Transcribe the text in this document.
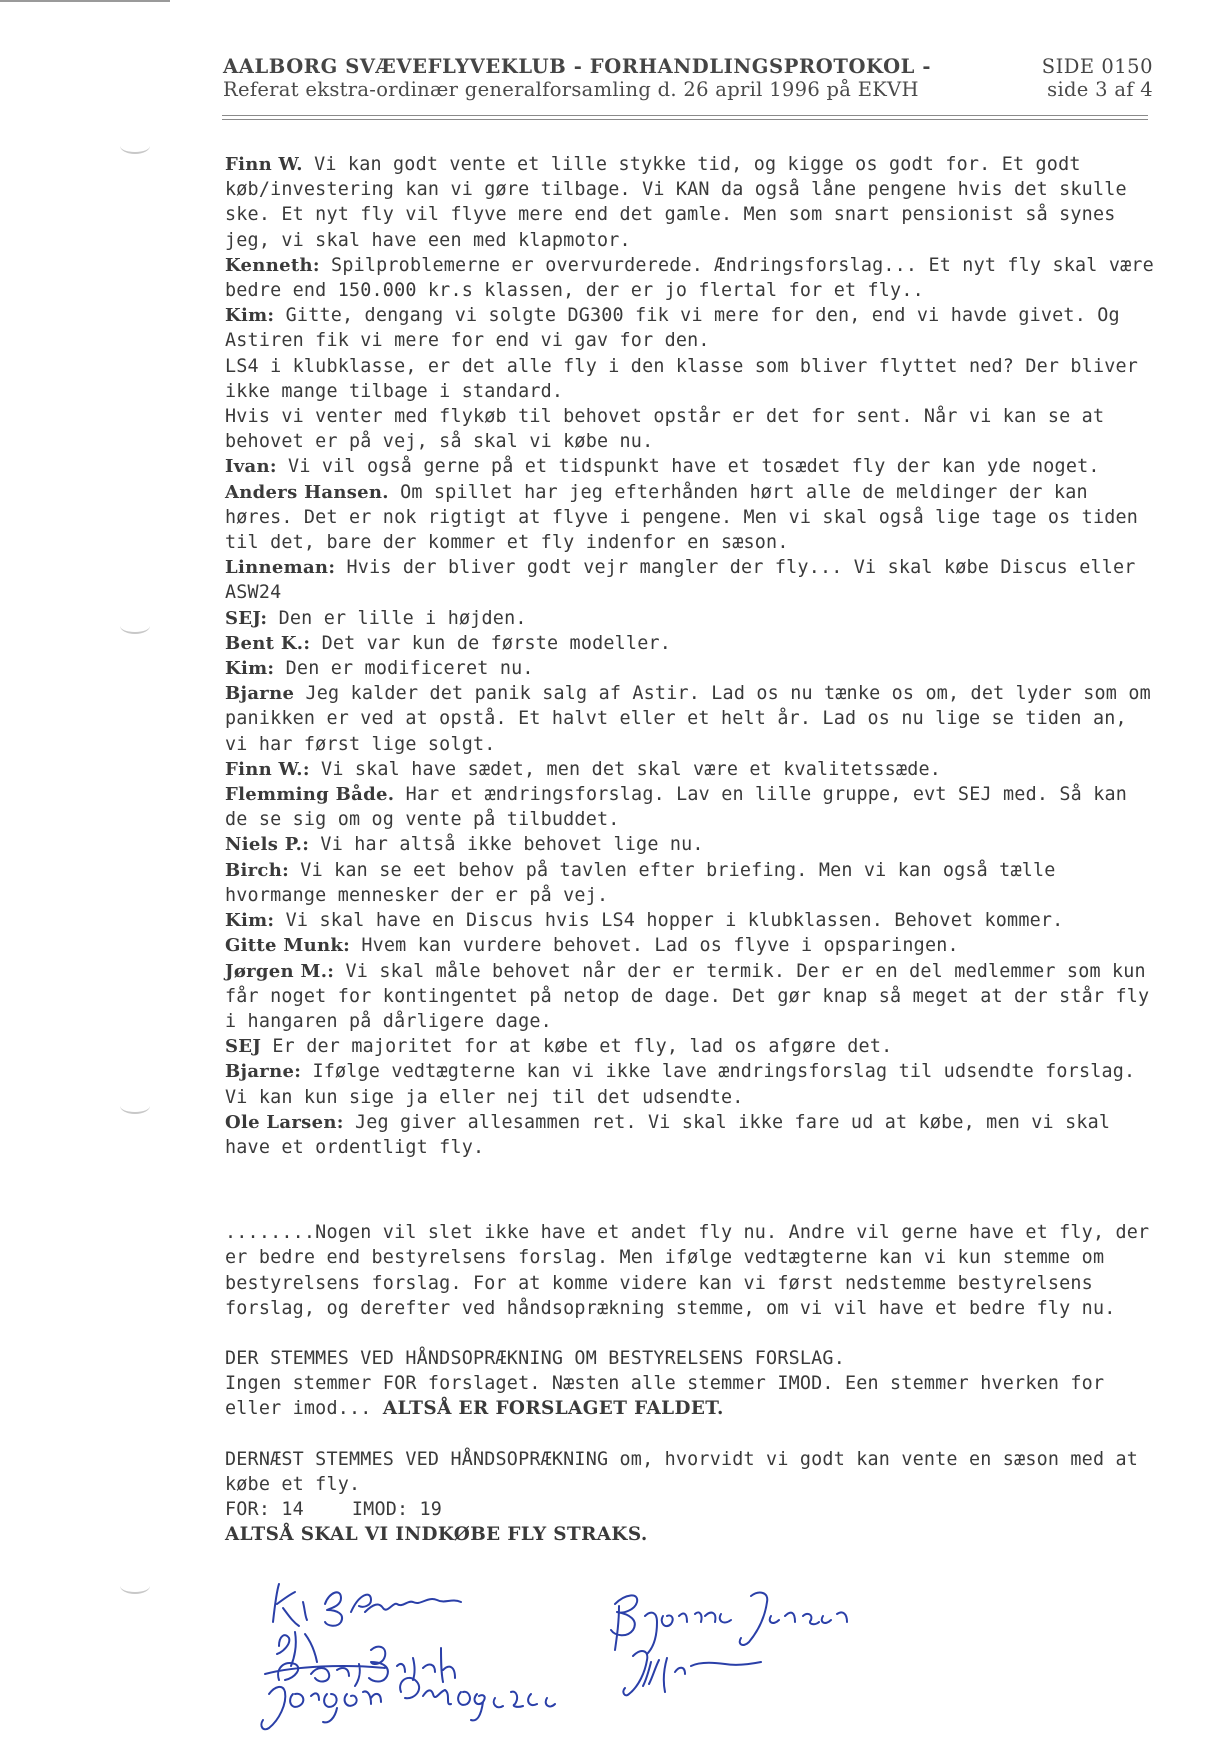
AALBORG SVÆVEFLYVEKLUB - FORHANDLINGSPROTOKOL -	SIDE 0150
Referat ekstra-ordinær generalforsamling d. 26 april 1996 på EKVH	side 3 af 4

Finn W. Vi kan godt vente et lille stykke tid, og kigge os godt for. Et godt køb/investering kan vi gøre tilbage. Vi KAN da også låne pengene hvis det skulle ske. Et nyt fly vil flyve mere end det gamle. Men som snart pensionist så synes jeg, vi skal have een med klapmotor.

Kenneth: Spilproblemerne er overvurderede. Ændringsforslag... Et nyt fly skal være bedre end 150.000 kr.s klassen, der er jo flertal for et fly..

Kim: Gitte, dengang vi solgte DG300 fik vi mere for den, end vi havde givet. Og Astiren fik vi mere for end vi gav for den.

LS4 i klubklasse, er det alle fly i den klasse som bliver flyttet ned? Der bliver ikke mange tilbage i standard.

Hvis vi venter med flykøb til behovet opstår er det for sent. Når vi kan se at behovet er på vej, så skal vi købe nu.

Ivan: Vi vil også gerne på et tidspunkt have et tosædet fly der kan yde noget.

Anders Hansen. Om spillet har jeg efterhånden hørt alle de meldinger der kan høres. Det er nok rigtigt at flyve i pengene. Men vi skal også lige tage os tiden til det, bare der kommer et fly indenfor en sæson.

Linneman: Hvis der bliver godt vejr mangler der fly... Vi skal købe Discus eller ASW24

SEJ: Den er lille i højden.

Bent K.: Det var kun de første modeller.

Kim: Den er modificeret nu.

Bjarne Jeg kalder det panik salg af Astir. Lad os nu tænke os om, det lyder som om panikken er ved at opstå. Et halvt eller et helt år. Lad os nu lige se tiden an, vi har først lige solgt.

Finn W.: Vi skal have sædet, men det skal være et kvalitetssæde.

Flemming Både. Har et ændringsforslag. Lav en lille gruppe, evt SEJ med. Så kan de se sig om og vente på tilbuddet.

Niels P.: Vi har altså ikke behovet lige nu.

Birch: Vi kan se eet behov på tavlen efter briefing. Men vi kan også tælle hvormange mennesker der er på vej.

Kim: Vi skal have en Discus hvis LS4 hopper i klubklassen. Behovet kommer.

Gitte Munk: Hvem kan vurdere behovet. Lad os flyve i opsparingen.

Jørgen M.: Vi skal måle behovet når der er termik. Der er en del medlemmer som kun får noget for kontingentet på netop de dage. Det gør knap så meget at der står fly i hangaren på dårligere dage.

SEJ Er der majoritet for at købe et fly, lad os afgøre det.

Bjarne: Ifølge vedtægterne kan vi ikke lave ændringsforslag til udsendte forslag. Vi kan kun sige ja eller nej til det udsendte.

Ole Larsen: Jeg giver allesammen ret. Vi skal ikke fare ud at købe, men vi skal have et ordentligt fly.

........Nogen vil slet ikke have et andet fly nu. Andre vil gerne have et fly, der er bedre end bestyrelsens forslag. Men ifølge vedtægterne kan vi kun stemme om bestyrelsens forslag. For at komme videre kan vi først nedstemme bestyrelsens forslag, og derefter ved håndsoprækning stemme, om vi vil have et bedre fly nu.

DER STEMMES VED HÅNDSOPRÆKNING OM BESTYRELSENS FORSLAG.

Ingen stemmer FOR forslaget. Næsten alle stemmer IMOD. Een stemmer hverken for eller imod... ALTSÅ ER FORSLAGET FALDET.

DERNÆST STEMMES VED HÅNDSOPRÆKNING om, hvorvidt vi godt kan vente en sæson med at købe et fly.

FOR: 14	IMOD: 19

ALTSÅ SKAL VI INDKØBE FLY STRAKS.
